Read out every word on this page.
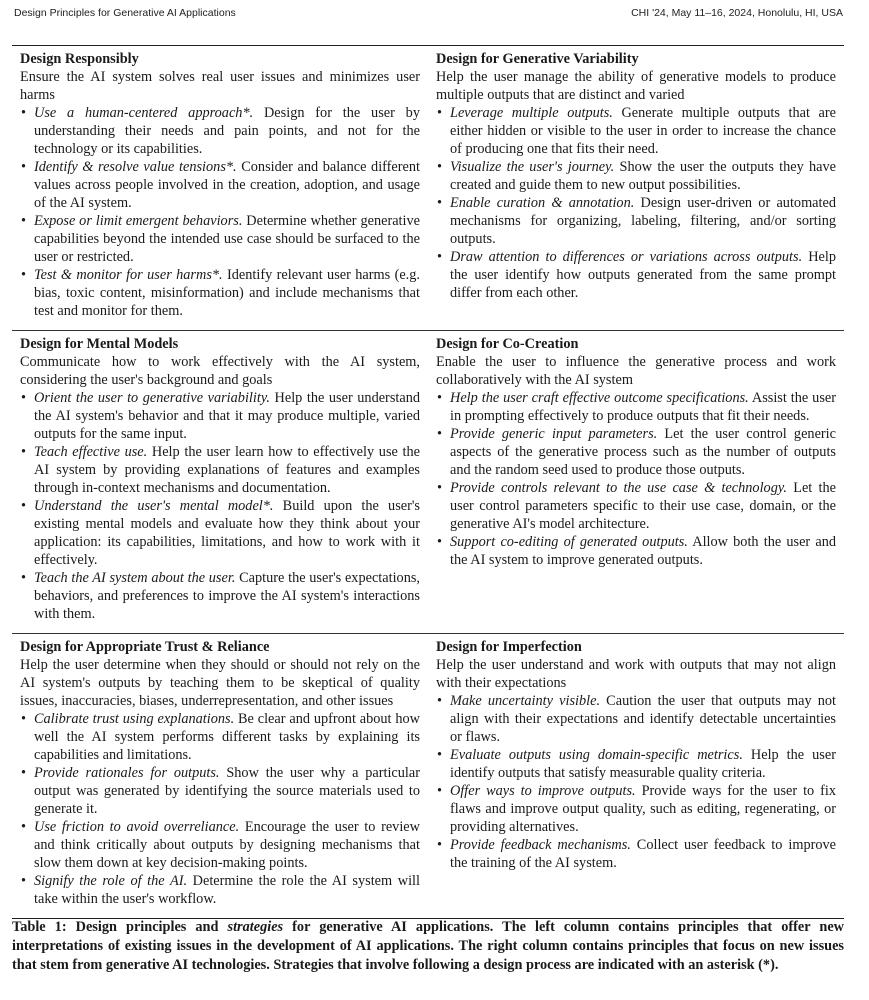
Design Principles for Generative AI Applications	CHI '24, May 11–16, 2024, Honolulu, HI, USA
Design Responsibly
Ensure the AI system solves real user issues and minimizes user harms
• Use a human-centered approach*. Design for the user by understanding their needs and pain points, and not for the technology or its capabilities.
• Identify & resolve value tensions*. Consider and balance different values across people involved in the creation, adoption, and usage of the AI system.
• Expose or limit emergent behaviors. Determine whether generative capabilities beyond the intended use case should be surfaced to the user or restricted.
• Test & monitor for user harms*. Identify relevant user harms (e.g. bias, toxic content, misinformation) and include mechanisms that test and monitor for them.
Design for Generative Variability
Help the user manage the ability of generative models to produce multiple outputs that are distinct and varied
• Leverage multiple outputs. Generate multiple outputs that are either hidden or visible to the user in order to increase the chance of producing one that fits their need.
• Visualize the user's journey. Show the user the outputs they have created and guide them to new output possibilities.
• Enable curation & annotation. Design user-driven or automated mechanisms for organizing, labeling, filtering, and/or sorting outputs.
• Draw attention to differences or variations across outputs. Help the user identify how outputs generated from the same prompt differ from each other.
Design for Mental Models
Communicate how to work effectively with the AI system, considering the user's background and goals
• Orient the user to generative variability. Help the user understand the AI system's behavior and that it may produce multiple, varied outputs for the same input.
• Teach effective use. Help the user learn how to effectively use the AI system by providing explanations of features and examples through in-context mechanisms and documentation.
• Understand the user's mental model*. Build upon the user's existing mental models and evaluate how they think about your application: its capabilities, limitations, and how to work with it effectively.
• Teach the AI system about the user. Capture the user's expectations, behaviors, and preferences to improve the AI system's interactions with them.
Design for Co-Creation
Enable the user to influence the generative process and work collaboratively with the AI system
• Help the user craft effective outcome specifications. Assist the user in prompting effectively to produce outputs that fit their needs.
• Provide generic input parameters. Let the user control generic aspects of the generative process such as the number of outputs and the random seed used to produce those outputs.
• Provide controls relevant to the use case & technology. Let the user control parameters specific to their use case, domain, or the generative AI's model architecture.
• Support co-editing of generated outputs. Allow both the user and the AI system to improve generated outputs.
Design for Appropriate Trust & Reliance
Help the user determine when they should or should not rely on the AI system's outputs by teaching them to be skeptical of quality issues, inaccuracies, biases, underrepresentation, and other issues
• Calibrate trust using explanations. Be clear and upfront about how well the AI system performs different tasks by explaining its capabilities and limitations.
• Provide rationales for outputs. Show the user why a particular output was generated by identifying the source materials used to generate it.
• Use friction to avoid overreliance. Encourage the user to review and think critically about outputs by designing mechanisms that slow them down at key decision-making points.
• Signify the role of the AI. Determine the role the AI system will take within the user's workflow.
Design for Imperfection
Help the user understand and work with outputs that may not align with their expectations
• Make uncertainty visible. Caution the user that outputs may not align with their expectations and identify detectable uncertainties or flaws.
• Evaluate outputs using domain-specific metrics. Help the user identify outputs that satisfy measurable quality criteria.
• Offer ways to improve outputs. Provide ways for the user to fix flaws and improve output quality, such as editing, regenerating, or providing alternatives.
• Provide feedback mechanisms. Collect user feedback to improve the training of the AI system.
Table 1: Design principles and strategies for generative AI applications. The left column contains principles that offer new interpretations of existing issues in the development of AI applications. The right column contains principles that focus on new issues that stem from generative AI technologies. Strategies that involve following a design process are indicated with an asterisk (*).
